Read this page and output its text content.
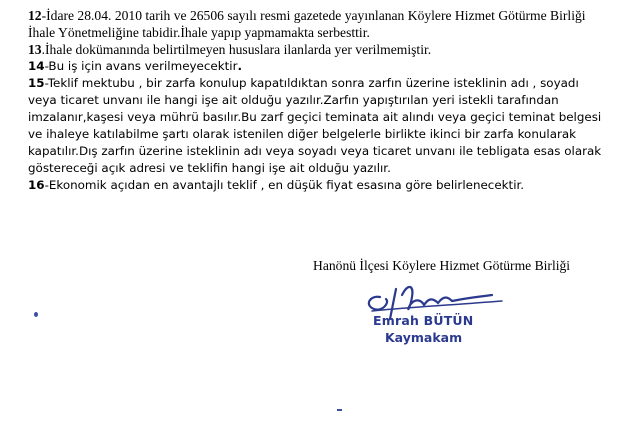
12-İdare 28.04. 2010 tarih ve 26506 sayılı resmi gazetede yayınlanan Köylere Hizmet Götürme Birliği İhale Yönetmeliğine tabidir.İhale yapıp yapmamakta serbesttir.

13.İhale dokümanında belirtilmeyen hususlara ilanlarda yer verilmemiştir.

14-Bu iş için avans verilmeyecektir.

15-Teklif mektubu , bir zarfa konulup kapatıldıktan sonra zarfın üzerine isteklinin adı , soyadı veya ticaret unvanı ile hangi işe ait olduğu yazılır.Zarfın yapıştırılan yeri istekli tarafından imzalanır,kaşesi veya mührü basılır.Bu zarf geçici teminata ait alındı veya geçici teminat belgesi ve ihaleye katılabilme şartı olarak istenilen diğer belgelerle birlikte ikinci bir zarfa konularak kapatılır.Dış zarfın üzerine isteklinin adı veya soyadı veya ticaret unvanı ile tebligata esas olarak göstereceği açık adresi ve teklifin hangi işe ait olduğu yazılır.

16-Ekonomik açıdan en avantajlı teklif , en düşük fiyat esasına göre belirlenecektir.

Hanönü İlçesi Köylere Hizmet Götürme Birliği
Emrah BÜTÜN
Kaymakam
